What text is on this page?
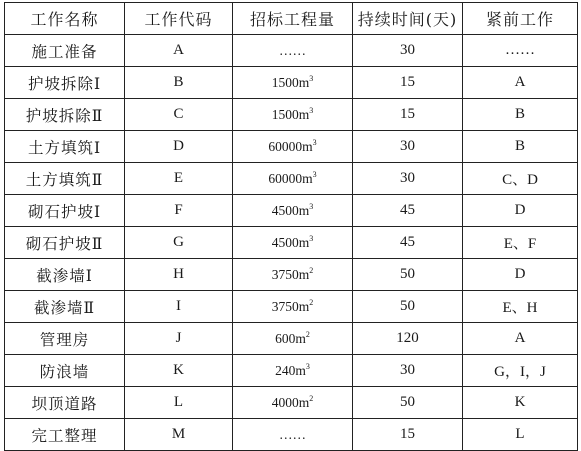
工作名称	工作代码	招标工程量	持续时间(天)	紧前工作
施工准备	A	……	30	……
护坡拆除Ⅰ	B	$1500m^3$	15	A
护坡拆除Ⅱ	C	$1500m^3$	15	B
土方填筑Ⅰ	D	$60000m^3$	30	B
土方填筑Ⅱ	E	$60000m^3$	30	C、D
砌石护坡Ⅰ	F	$4500m^3$	45	D
砌石护坡Ⅱ	G	$4500m^3$	45	E、F
截渗墙Ⅰ	H	$3750m^2$	50	D
截渗墙Ⅱ	I	$3750m^2$	50	E、H
管理房	J	$600m^2$	120	A
防浪墙	K	$240m^3$	30	G，I，J
坝顶道路	L	$4000m^2$	50	K
完工整理	M	……	15	L
